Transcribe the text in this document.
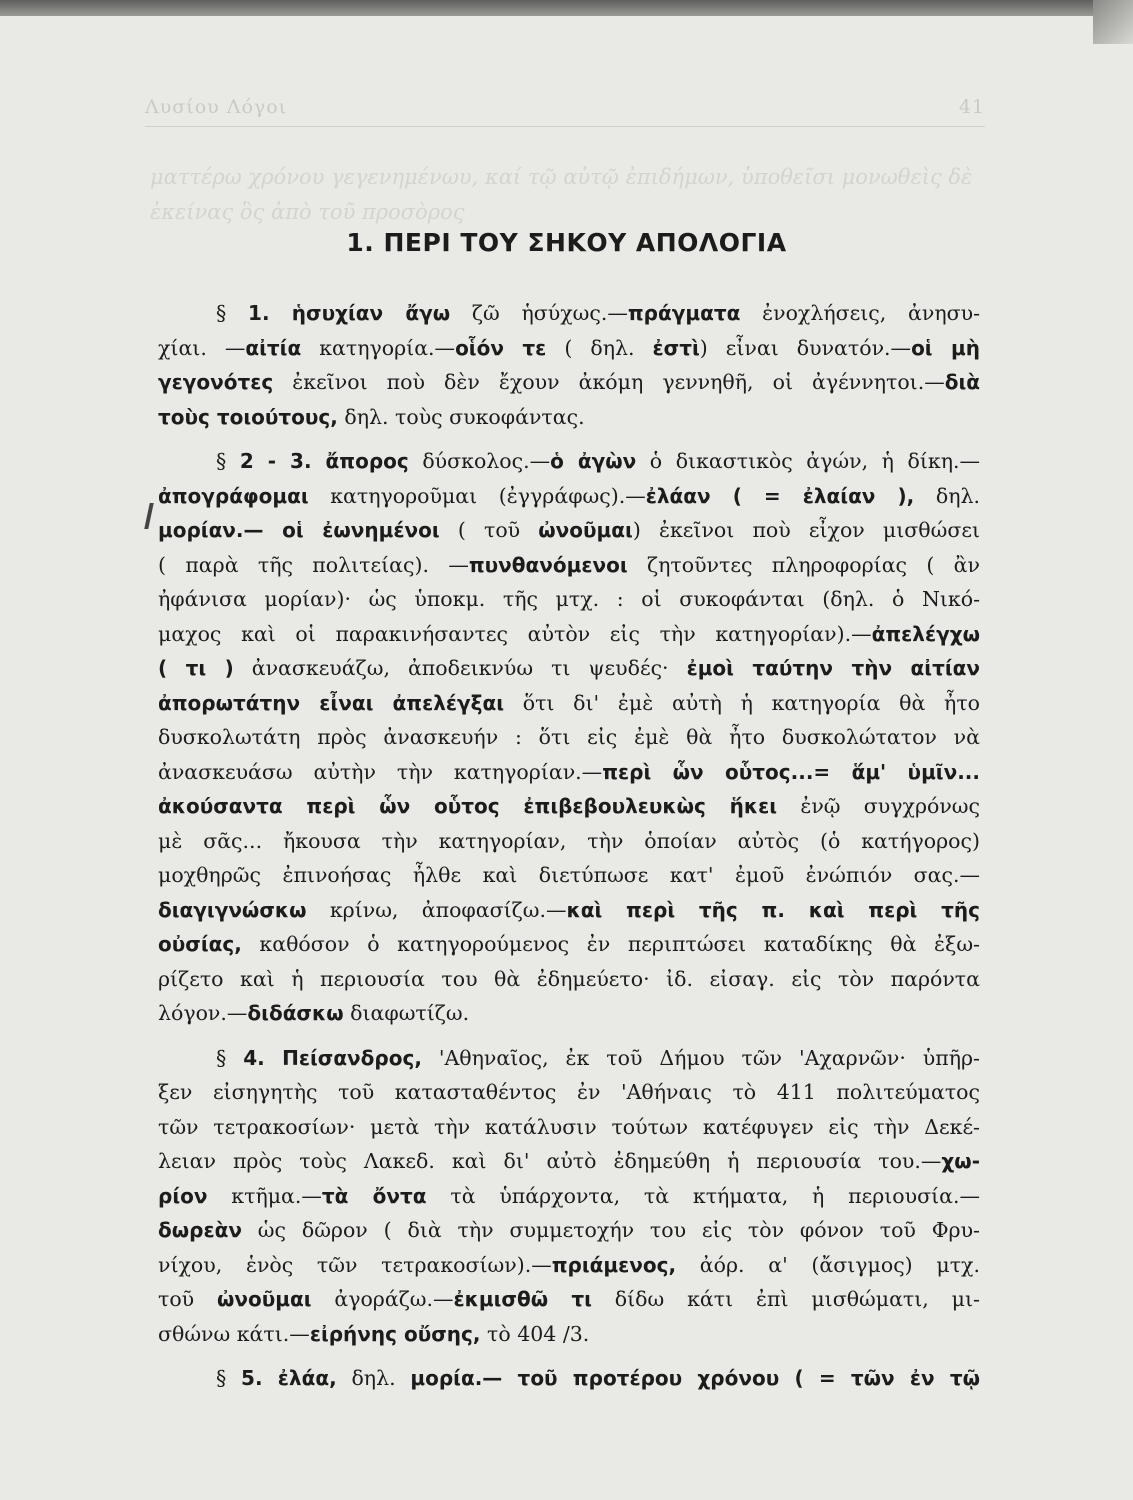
Λυσίου Λόγοι	41
ματτέρω χρόνου γεγενημένωυ, καί τῷ αὐτῷ ἐπιδήμων, ὑποθεῖσι μονωθεὶς δὲ ἐκείνας ὃς ἀπὸ τοῦ προσὸρος
1. ΠΕΡΙ ΤΟΥ ΣΗΚΟΥ ΑΠΟΛΟΓΙΑ
§ 1. ἡσυχίαν ἄγω ζῶ ἡσύχως.—πράγματα ἐνοχλήσεις, ἀνησυ-
χίαι. —αἰτία κατηγορία.—οἷόν τε ( δηλ. ἐστὶ) εἶναι δυνατόν.—οἱ μὴ
γεγονότες ἐκεῖνοι ποὺ δὲν ἔχουν ἀκόμη γεννηθῆ, οἱ ἀγέννητοι.—διὰ
τοὺς τοιούτους, δηλ. τοὺς συκοφάντας.
§ 2 - 3. ἄπορος δύσκολος.—ὁ ἀγὼν ὁ δικαστικὸς ἀγών, ἡ δίκη.—
ἀπογράφομαι κατηγοροῦμαι (ἐγγράφως).—ἐλάαν ( = ἐλαίαν ), δηλ.
μορίαν.— οἱ ἐωνημένοι ( τοῦ ὠνοῦμαι) ἐκεῖνοι ποὺ εἶχον μισθώσει
( παρὰ τῆς πολιτείας). —πυνθανόμενοι ζητοῦντες πληροφορίας ( ἂν
ἠφάνισα μορίαν)· ὡς ὑποκμ. τῆς μτχ. : οἱ συκοφάνται (δηλ. ὁ Νικό-
μαχος καὶ οἱ παρακινήσαντες αὐτὸν εἰς τὴν κατηγορίαν).—ἀπελέγχω
( τι ) ἀνασκευάζω, ἀποδεικνύω τι ψευδές· ἐμοὶ ταύτην τὴν αἰτίαν
ἀπορωτάτην εἶναι ἀπελέγξαι ὅτι δι' ἐμὲ αὐτὴ ἡ κατηγορία θὰ ἦτο
δυσκολωτάτη πρὸς ἀνασκευήν : ὅτι εἰς ἐμὲ θὰ ἦτο δυσκολώτατον νὰ
ἀνασκευάσω αὐτὴν τὴν κατηγορίαν.—περὶ ὧν οὗτος...= ἅμ' ὑμῖν...
ἀκούσαντα περὶ ὧν οὗτος ἐπιβεβουλευκὼς ἥκει ἐνῷ συγχρόνως
μὲ σᾶς... ἤκουσα τὴν κατηγορίαν, τὴν ὁποίαν αὐτὸς (ὁ κατήγορος)
μοχθηρῶς ἐπινοήσας ἦλθε καὶ διετύπωσε κατ' ἐμοῦ ἐνώπιόν σας.—
διαγιγνώσκω κρίνω, ἀποφασίζω.—καὶ περὶ τῆς π. καὶ περὶ τῆς
οὐσίας, καθόσον ὁ κατηγορούμενος ἐν περιπτώσει καταδίκης θὰ ἐξω-
ρίζετο καὶ ἡ περιουσία του θὰ ἐδημεύετο· ἰδ. εἰσαγ. εἰς τὸν παρόντα
λόγον.—διδάσκω διαφωτίζω.
§ 4. Πείσανδρος, 'Αθηναῖος, ἐκ τοῦ Δήμου τῶν 'Αχαρνῶν· ὑπῆρ-
ξεν εἰσηγητὴς τοῦ κατασταθέντος ἐν 'Αθήναις τὸ 411 πολιτεύματος
τῶν τετρακοσίων· μετὰ τὴν κατάλυσιν τούτων κατέφυγεν εἰς τὴν Δεκέ-
λειαν πρὸς τοὺς Λακεδ. καὶ δι' αὐτὸ ἐδημεύθη ἡ περιουσία του.—χω-
ρίον κτῆμα.—τὰ ὄντα τὰ ὑπάρχοντα, τὰ κτήματα, ἡ περιουσία.—
δωρεὰν ὡς δῶρον ( διὰ τὴν συμμετοχήν του εἰς τὸν φόνον τοῦ Φρυ-
νίχου, ἑνὸς τῶν τετρακοσίων).—πριάμενος, ἀόρ. α' (ἄσιγμος) μτχ.
τοῦ ὠνοῦμαι ἀγοράζω.—ἐκμισθῶ τι δίδω κάτι ἐπὶ μισθώματι, μι-
σθώνω κάτι.—εἰρήνης οὔσης, τὸ 404 /3.
§ 5. ἐλάα, δηλ. μορία.— τοῦ προτέρου χρόνου ( = τῶν ἐν τῷ
